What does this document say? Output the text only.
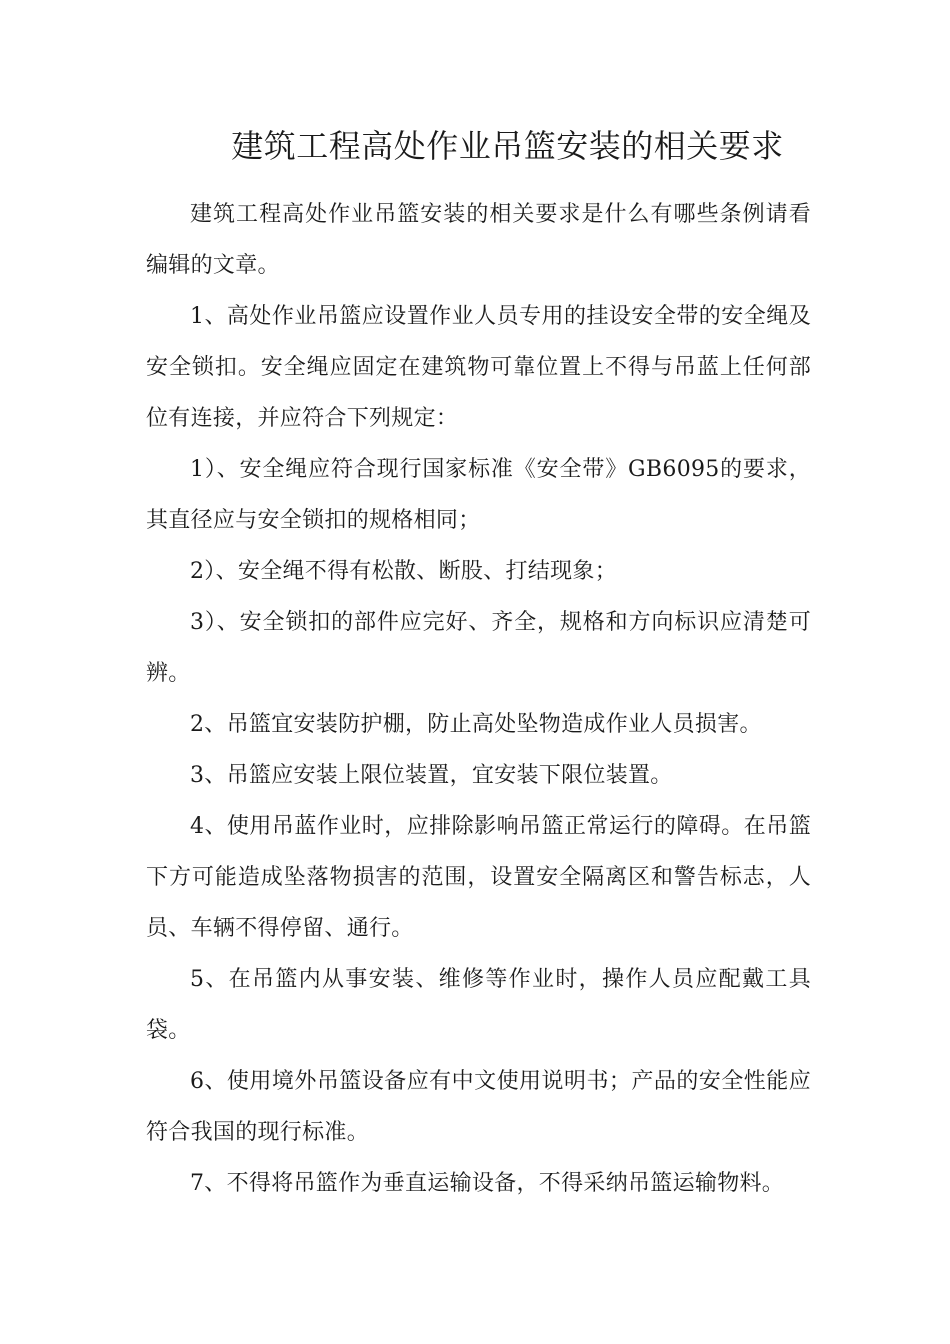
建筑工程高处作业吊篮安装的相关要求

建筑工程高处作业吊篮安装的相关要求是什么有哪些条例请看编辑的文章。

1、高处作业吊篮应设置作业人员专用的挂设安全带的安全绳及安全锁扣。安全绳应固定在建筑物可靠位置上不得与吊蓝上任何部位有连接，并应符合下列规定：

1）、安全绳应符合现行国家标准《安全带》GB6095的要求，其直径应与安全锁扣的规格相同；

2）、安全绳不得有松散、断股、打结现象；

3）、安全锁扣的部件应完好、齐全，规格和方向标识应清楚可辨。

2、吊篮宜安装防护棚，防止高处坠物造成作业人员损害。

3、吊篮应安装上限位装置，宜安装下限位装置。

4、使用吊蓝作业时，应排除影响吊篮正常运行的障碍。在吊篮下方可能造成坠落物损害的范围，设置安全隔离区和警告标志，人员、车辆不得停留、通行。

5、在吊篮内从事安装、维修等作业时，操作人员应配戴工具袋。

6、使用境外吊篮设备应有中文使用说明书；产品的安全性能应符合我国的现行标准。

7、不得将吊篮作为垂直运输设备，不得采纳吊篮运输物料。
